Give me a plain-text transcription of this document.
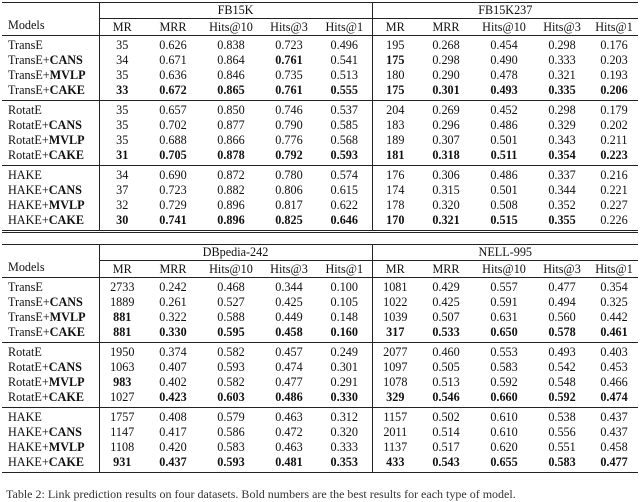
Models	FB15K					FB15K237				
	MR	MRR	Hits@10	Hits@3	Hits@1	MR	MRR	Hits@10	Hits@3	Hits@1
TransE	35	0.626	0.838	0.723	0.496	195	0.268	0.454	0.298	0.176
TransE+CANS	34	0.671	0.864	0.761	0.541	175	0.298	0.490	0.333	0.203
TransE+MVLP	35	0.636	0.846	0.735	0.513	180	0.290	0.478	0.321	0.193
TransE+CAKE	33	0.672	0.865	0.761	0.555	175	0.301	0.493	0.335	0.206
RotatE	35	0.657	0.850	0.746	0.537	204	0.269	0.452	0.298	0.179
RotatE+CANS	35	0.702	0.877	0.790	0.585	183	0.296	0.486	0.329	0.202
RotatE+MVLP	35	0.688	0.866	0.776	0.568	189	0.307	0.501	0.343	0.211
RotatE+CAKE	31	0.705	0.878	0.792	0.593	181	0.318	0.511	0.354	0.223
HAKE	34	0.690	0.872	0.780	0.574	176	0.306	0.486	0.337	0.216
HAKE+CANS	37	0.723	0.882	0.806	0.615	174	0.315	0.501	0.344	0.221
HAKE+MVLP	32	0.729	0.896	0.817	0.622	178	0.320	0.508	0.352	0.227
HAKE+CAKE	30	0.741	0.896	0.825	0.646	170	0.321	0.515	0.355	0.226
Models	DBpedia-242					NELL-995				
	MR	MRR	Hits@10	Hits@3	Hits@1	MR	MRR	Hits@10	Hits@3	Hits@1
TransE	2733	0.242	0.468	0.344	0.100	1081	0.429	0.557	0.477	0.354
TransE+CANS	1889	0.261	0.527	0.425	0.105	1022	0.425	0.591	0.494	0.325
TransE+MVLP	881	0.322	0.588	0.449	0.148	1039	0.507	0.631	0.560	0.442
TransE+CAKE	881	0.330	0.595	0.458	0.160	317	0.533	0.650	0.578	0.461
RotatE	1950	0.374	0.582	0.457	0.249	2077	0.460	0.553	0.493	0.403
RotatE+CANS	1063	0.407	0.593	0.474	0.301	1097	0.505	0.583	0.542	0.453
RotatE+MVLP	983	0.402	0.582	0.477	0.291	1078	0.513	0.592	0.548	0.466
RotatE+CAKE	1027	0.423	0.603	0.486	0.330	329	0.546	0.660	0.592	0.474
HAKE	1757	0.408	0.579	0.463	0.312	1157	0.502	0.610	0.538	0.437
HAKE+CANS	1147	0.417	0.586	0.472	0.320	2011	0.514	0.610	0.556	0.437
HAKE+MVLP	1108	0.420	0.583	0.463	0.333	1137	0.517	0.620	0.551	0.458
HAKE+CAKE	931	0.437	0.593	0.481	0.353	433	0.543	0.655	0.583	0.477
Table 2: Link prediction results on four datasets. Bold numbers are the best results for each type of model.
